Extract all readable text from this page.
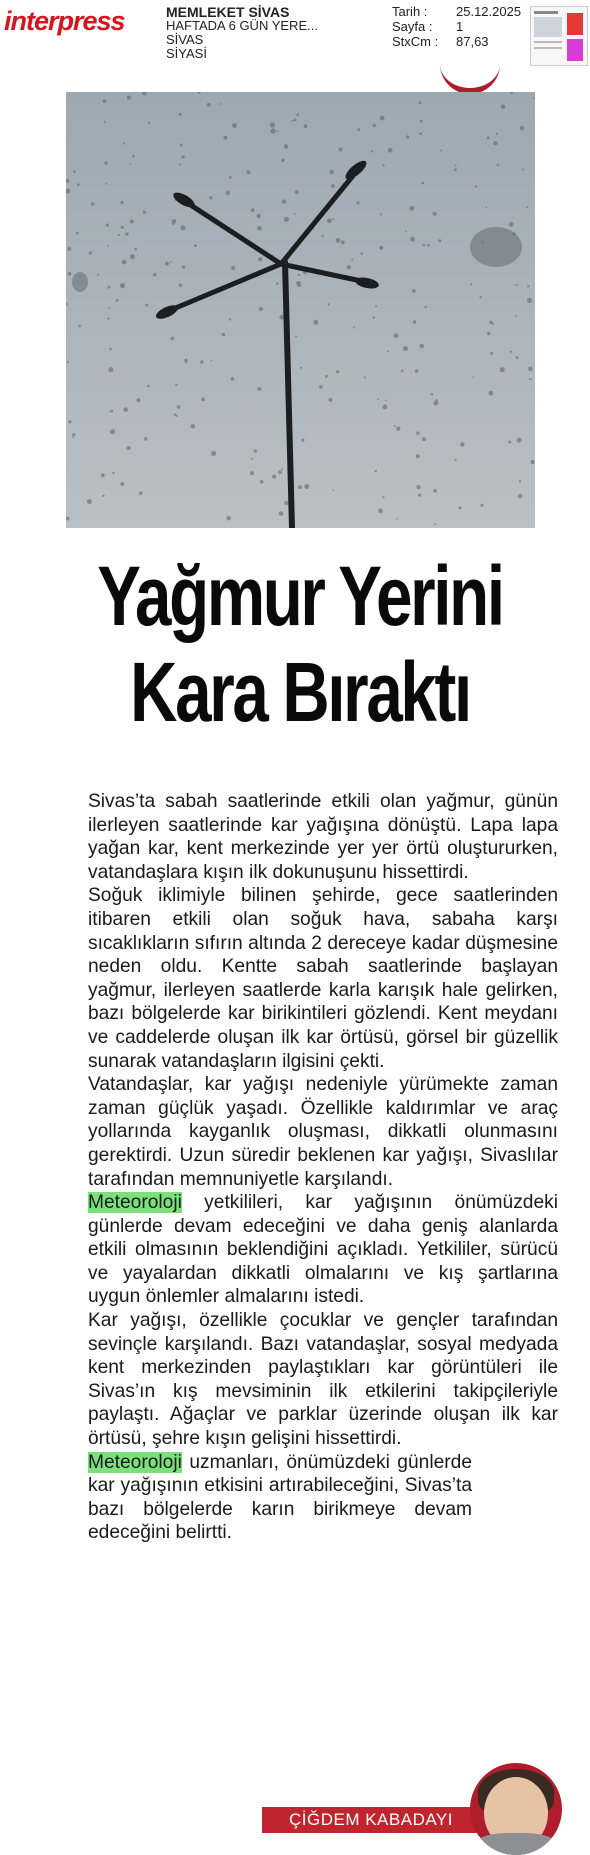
interpress	MEMLEKET SİVAS
HAFTADA 6 GÜN YERE...
SİVAS
SİYASİ
Tarih :	25.12.2025
Sayfa :	1
StxCm :	87,63
Yağmur Yerini
Kara Bıraktı

Sivas’ta sabah saatlerinde etkili olan yağmur, günün ilerleyen saatlerinde kar yağışına dönüştü. Lapa lapa yağan kar, kent merkezinde yer yer örtü oluştururken, vatandaşlara kışın ilk dokunuşunu hissettirdi.

Soğuk iklimiyle bilinen şehirde, gece saatlerinden itibaren etkili olan soğuk hava, sabaha karşı sıcaklıkların sıfırın altında 2 dereceye kadar düşmesine neden oldu. Kentte sabah saatlerinde başlayan yağmur, ilerleyen saatlerde karla karışık hale gelirken, bazı bölgelerde kar birikintileri gözlendi. Kent meydanı ve caddelerde oluşan ilk kar örtüsü, görsel bir güzellik sunarak vatandaşların ilgisini çekti.

Vatandaşlar, kar yağışı nedeniyle yürümekte zaman zaman güçlük yaşadı. Özellikle kaldırımlar ve araç yollarında kayganlık oluşması, dikkatli olunmasını gerektirdi. Uzun süredir beklenen kar yağışı, Sivaslılar tarafından memnuniyetle karşılandı.

Meteoroloji yetkilileri, kar yağışının önümüzdeki günlerde devam edeceğini ve daha geniş alanlarda etkili olmasının beklendiğini açıkladı. Yetkililer, sürücü ve yayalardan dikkatli olmalarını ve kış şartlarına uygun önlemler almalarını istedi.

Kar yağışı, özellikle çocuklar ve gençler tarafından sevinçle karşılandı. Bazı vatandaşlar, sosyal medyada kent merkezinden paylaştıkları kar görüntüleri ile Sivas’ın kış mevsiminin ilk etkilerini takipçileriyle paylaştı. Ağaçlar ve parklar üzerinde oluşan ilk kar örtüsü, şehre kışın gelişini hissettirdi.

Meteoroloji uzmanları, önümüzdeki günlerde kar yağışının etkisini artırabileceğini, Sivas’ta bazı bölgelerde karın birikmeye devam edeceğini belirtti.

ÇİĞDEM KABADAYI
